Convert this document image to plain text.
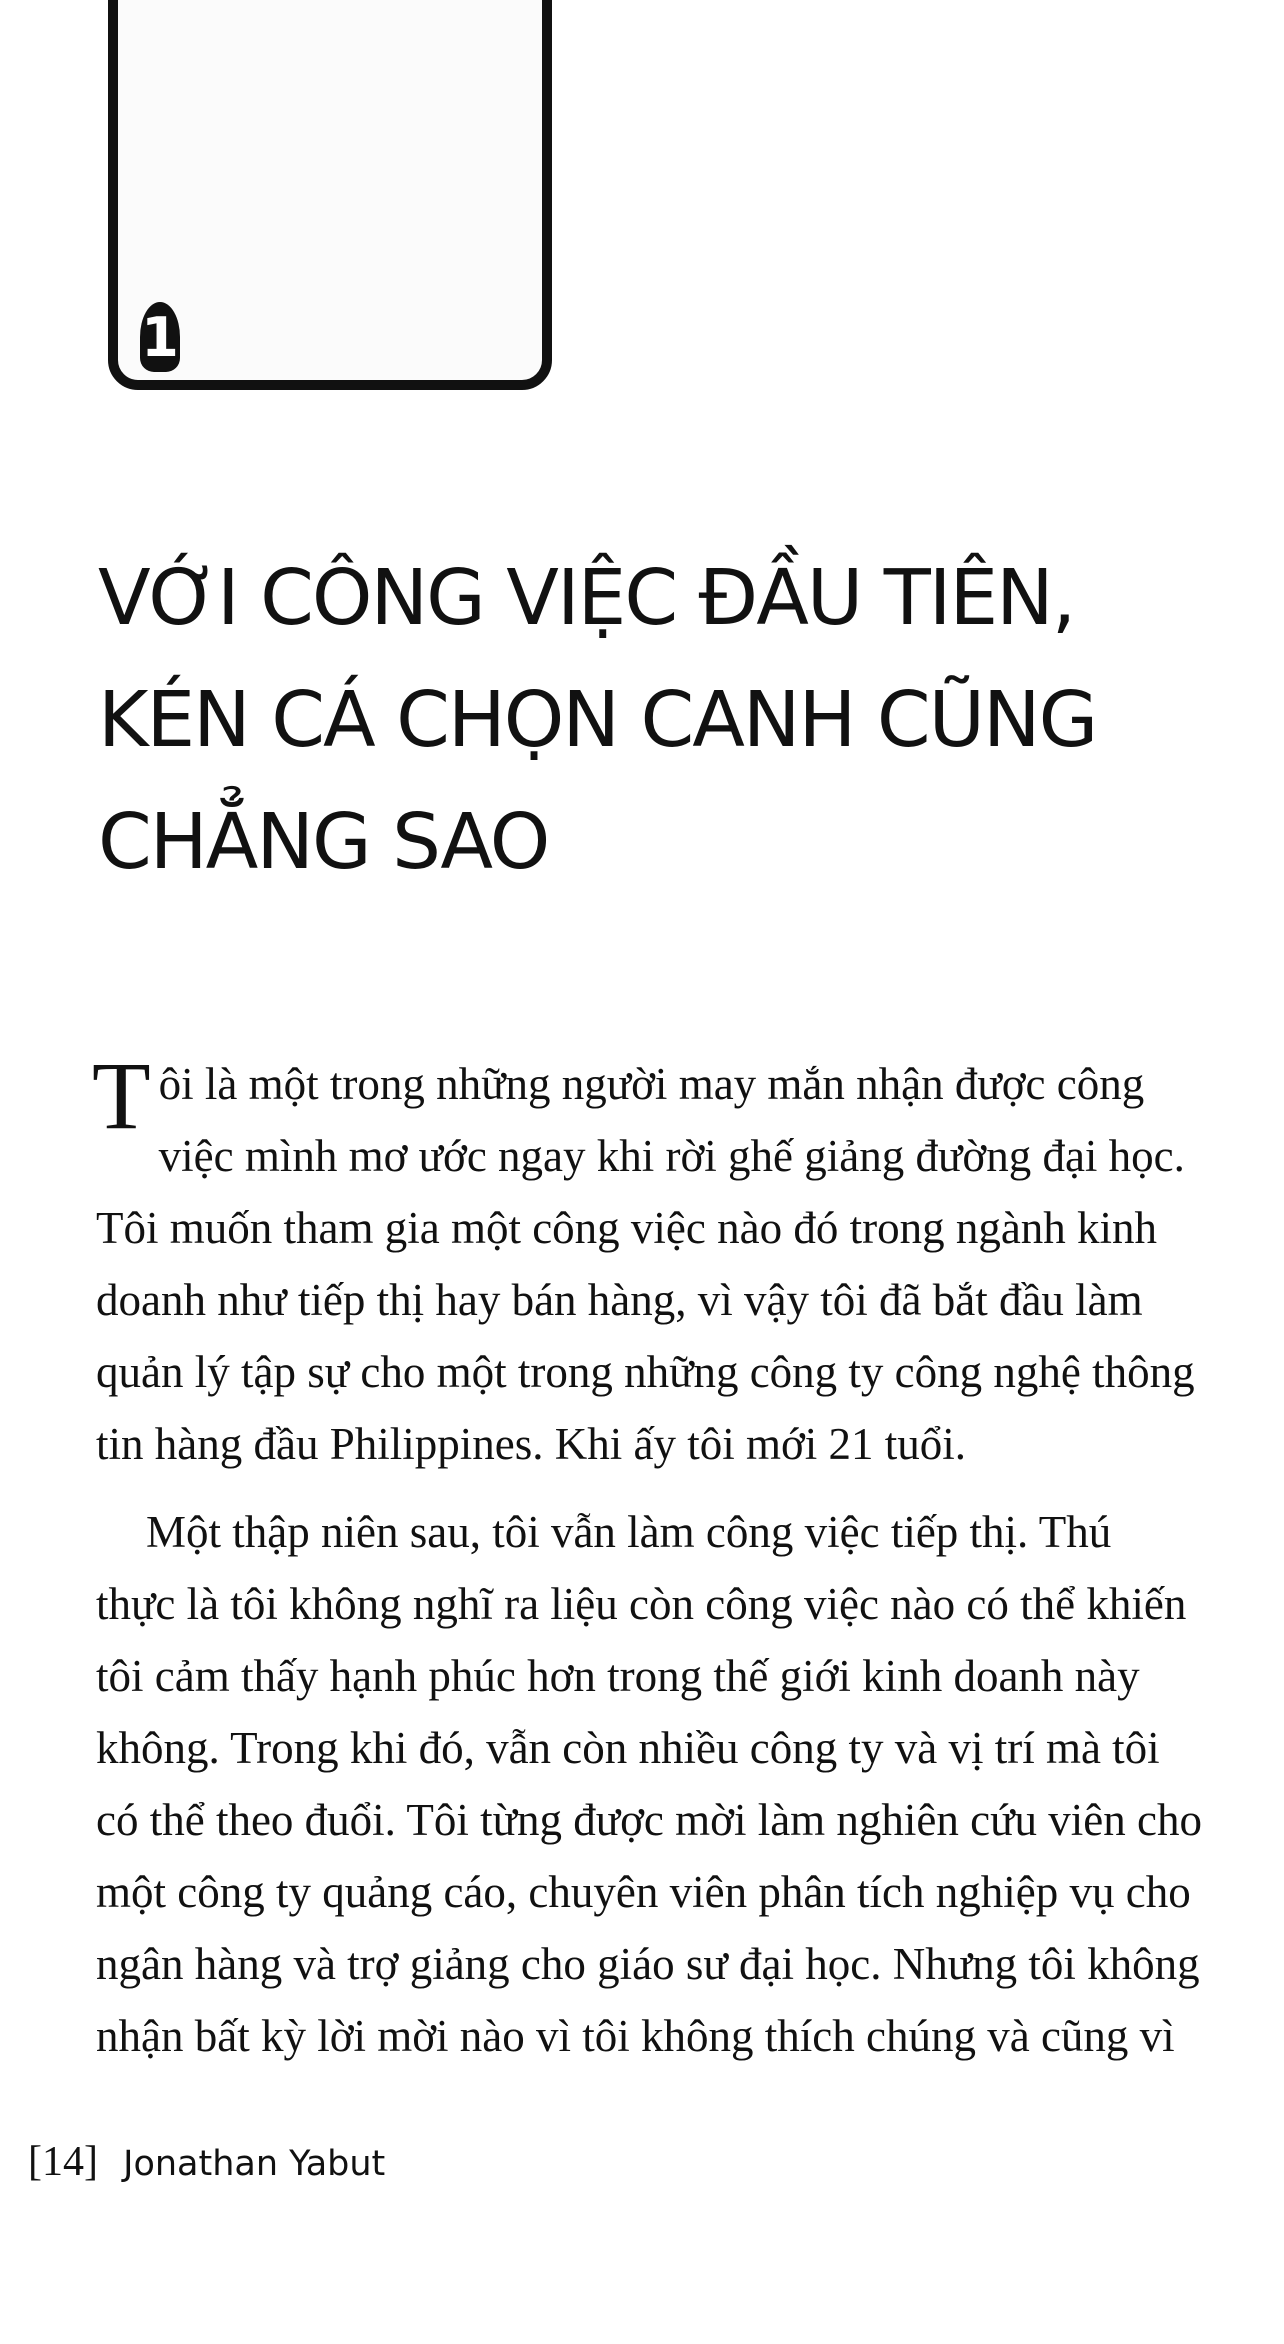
1
VỚI CÔNG VIỆC ĐẦU TIÊN,
KÉN CÁ CHỌN CANH CŨNG
CHẲNG SAO
T ôi là một trong những người may mắn nhận được công
việc mình mơ ước ngay khi rời ghế giảng đường đại học.
Tôi muốn tham gia một công việc nào đó trong ngành kinh
doanh như tiếp thị hay bán hàng, vì vậy tôi đã bắt đầu làm
quản lý tập sự cho một trong những công ty công nghệ thông
tin hàng đầu Philippines. Khi ấy tôi mới 21 tuổi.
Một thập niên sau, tôi vẫn làm công việc tiếp thị. Thú
thực là tôi không nghĩ ra liệu còn công việc nào có thể khiến
tôi cảm thấy hạnh phúc hơn trong thế giới kinh doanh này
không. Trong khi đó, vẫn còn nhiều công ty và vị trí mà tôi
có thể theo đuổi. Tôi từng được mời làm nghiên cứu viên cho
một công ty quảng cáo, chuyên viên phân tích nghiệp vụ cho
ngân hàng và trợ giảng cho giáo sư đại học. Nhưng tôi không
nhận bất kỳ lời mời nào vì tôi không thích chúng và cũng vì
[14] Jonathan Yabut
